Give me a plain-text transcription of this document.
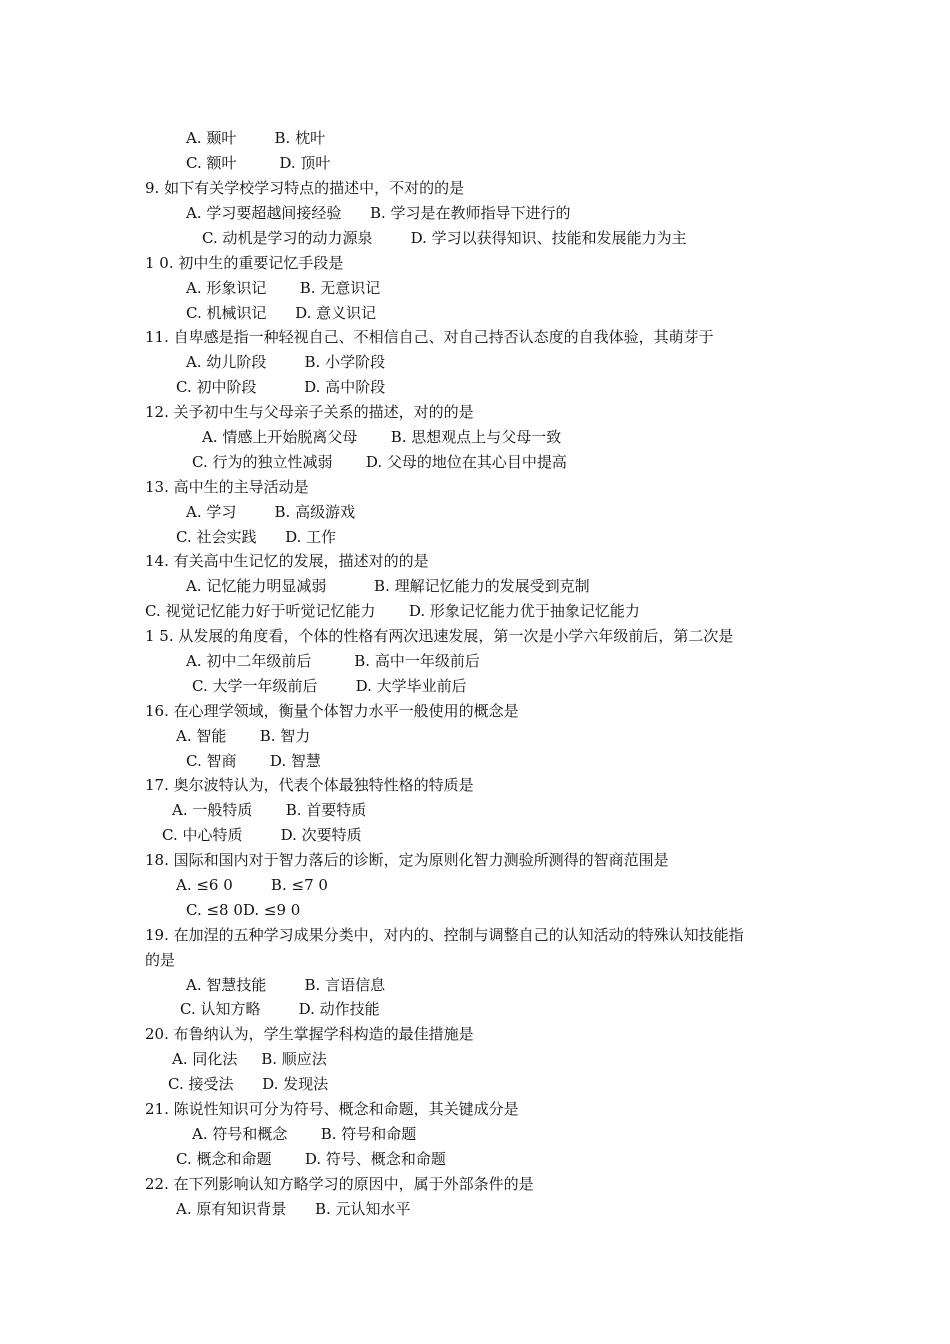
A. 颞叶        B. 枕叶
C. 额叶         D. 顶叶
9. 如下有关学校学习特点的描述中，不对的的是
A. 学习要超越间接经验      B. 学习是在教师指导下进行的
C. 动机是学习的动力源泉        D. 学习以获得知识、技能和发展能力为主
1 0. 初中生的重要记忆手段是
A. 形象识记       B. 无意识记
C. 机械识记      D. 意义识记
11. 自卑感是指一种轻视自己、不相信自己、对自己持否认态度的自我体验，其萌芽于
A. 幼儿阶段        B. 小学阶段
C. 初中阶段          D. 高中阶段
12. 关予初中生与父母亲子关系的描述，对的的是
A. 情感上开始脱离父母       B. 思想观点上与父母一致
C. 行为的独立性减弱       D. 父母的地位在其心目中提高
13. 高中生的主导活动是
A. 学习        B. 高级游戏
C. 社会实践      D. 工作
14. 有关高中生记忆的发展，描述对的的是
A. 记忆能力明显减弱          B. 理解记忆能力的发展受到克制
C. 视觉记忆能力好于听觉记忆能力       D. 形象记忆能力优于抽象记忆能力
1 5. 从发展的角度看，个体的性格有两次迅速发展，第一次是小学六年级前后，第二次是
A. 初中二年级前后         B. 高中一年级前后
C. 大学一年级前后        D. 大学毕业前后
16. 在心理学领域，衡量个体智力水平一般使用的概念是
A. 智能       B. 智力
C. 智商       D. 智慧
17. 奥尔波特认为，代表个体最独特性格的特质是
A. 一般特质       B. 首要特质
C. 中心特质        D. 次要特质
18. 国际和国内对于智力落后的诊断，定为原则化智力测验所测得的智商范围是
A. ≤6 0        B. ≤7 0
C. ≤8 0D. ≤9 0
19. 在加涅的五种学习成果分类中，对内的、控制与调整自己的认知活动的特殊认知技能指
的是
A. 智慧技能        B. 言语信息
C. 认知方略        D. 动作技能
20. 布鲁纳认为，学生掌握学科构造的最佳措施是
A. 同化法     B. 顺应法
C. 接受法      D. 发现法
21. 陈说性知识可分为符号、概念和命题，其关键成分是
A. 符号和概念       B. 符号和命题
C. 概念和命题       D. 符号、概念和命题
22. 在下列影响认知方略学习的原因中，属于外部条件的是
A. 原有知识背景      B. 元认知水平
